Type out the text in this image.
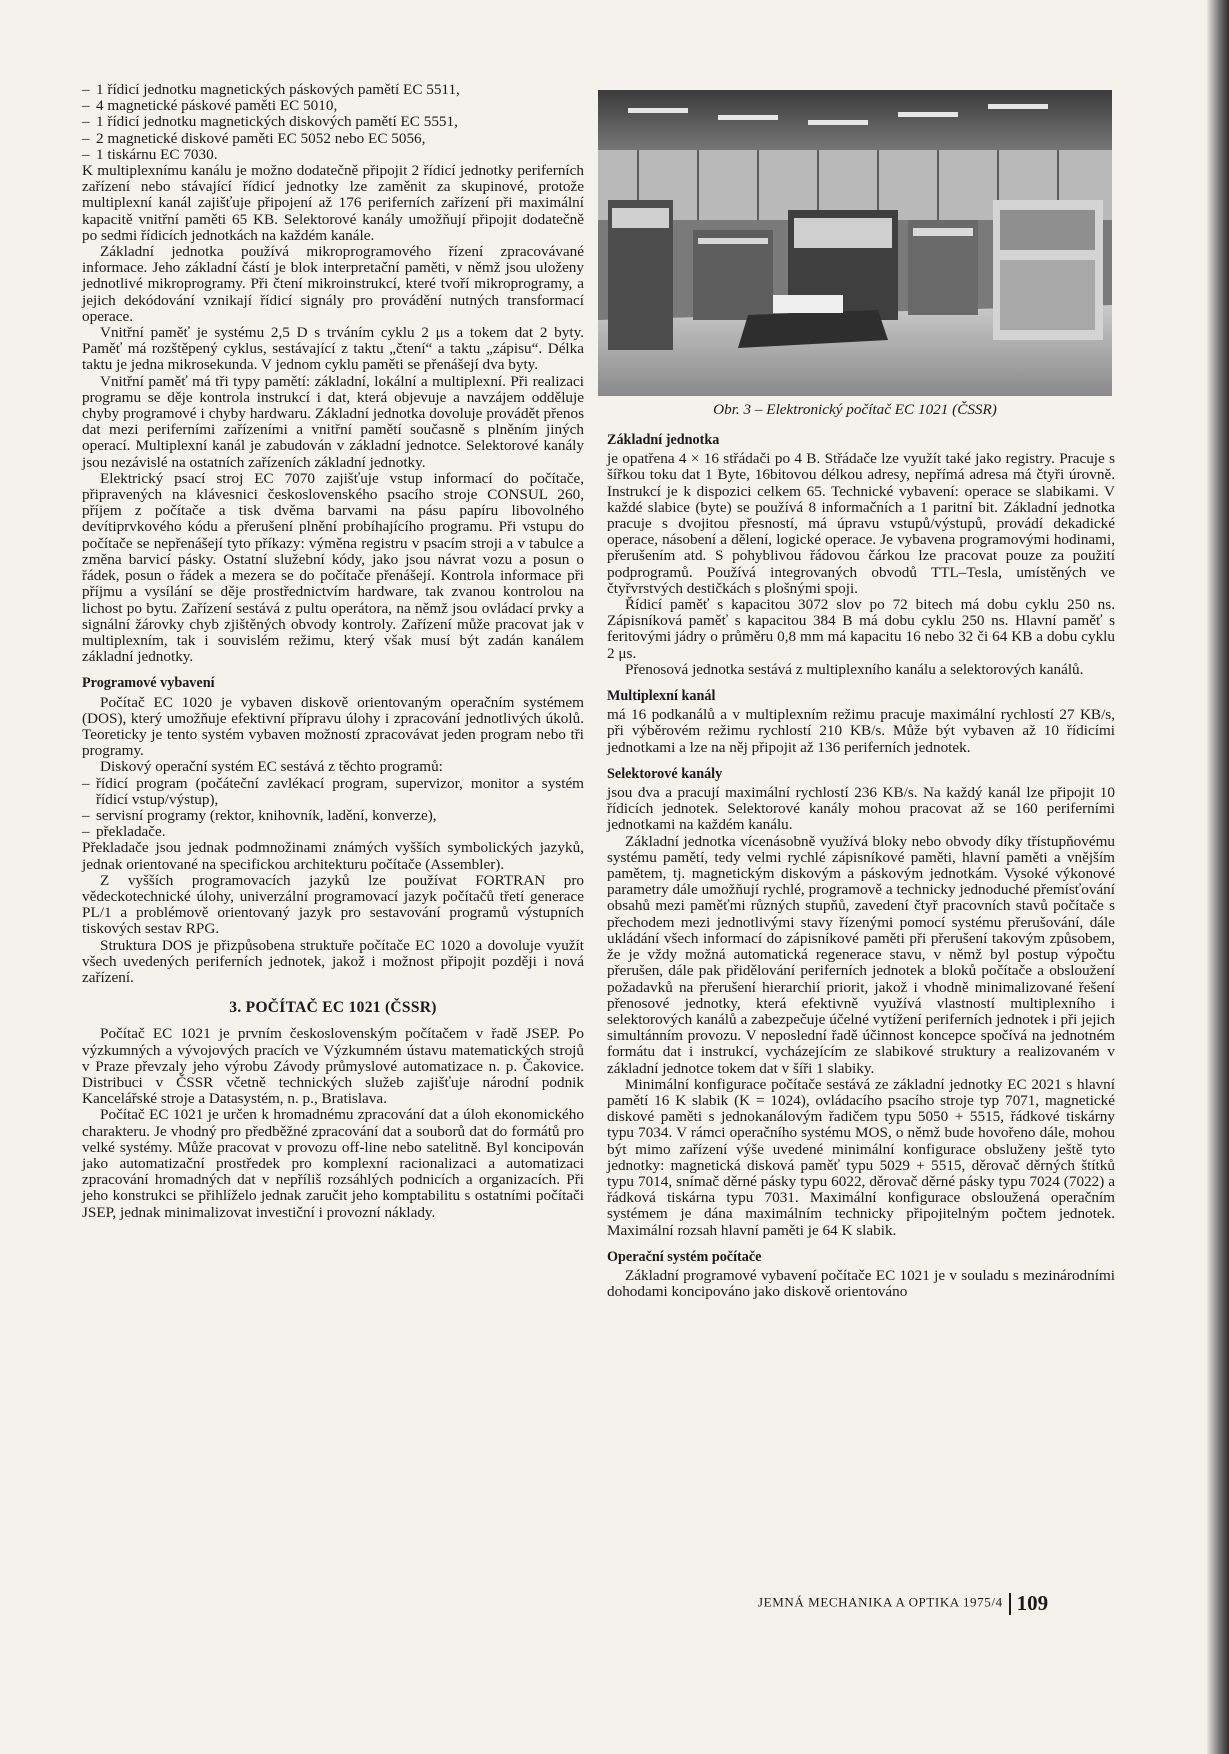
– 1 řídicí jednotku magnetických páskových pamětí EC 5511,
– 4 magnetické páskové paměti EC 5010,
– 1 řídicí jednotku magnetických diskových pamětí EC 5551,
– 2 magnetické diskové paměti EC 5052 nebo EC 5056,
– 1 tiskárnu EC 7030.

K multiplexnímu kanálu je možno dodatečně připojit 2 řídicí jednotky periferních zařízení nebo stávající řídicí jednotky lze zaměnit za skupinové, protože multiplexní kanál zajišťuje připojení až 176 periferních zařízení při maximální kapacitě vnitřní paměti 65 KB. Selektorové kanály umožňují připojit dodatečně po sedmi řídicích jednotkách na každém kanále.

Základní jednotka používá mikroprogramového řízení zpracovávané informace. Jeho základní částí je blok interpretační paměti, v němž jsou uloženy jednotlivé mikroprogramy. Při čtení mikroinstrukcí, které tvoří mikroprogramy, a jejich dekódování vznikají řídicí signály pro provádění nutných transformací operace.

Vnitřní paměť je systému 2,5 D s trváním cyklu 2 μs a tokem dat 2 byty. Paměť má rozštěpený cyklus, sestávající z taktu „čtení“ a taktu „zápisu“. Délka taktu je jedna mikrosekunda. V jednom cyklu paměti se přenášejí dva byty.

Vnitřní paměť má tři typy pamětí: základní, lokální a multiplexní. Při realizaci programu se děje kontrola instrukcí i dat, která objevuje a navzájem odděluje chyby programové i chyby hardwaru. Základní jednotka dovoluje provádět přenos dat mezi periferními zařízeními a vnitřní pamětí současně s plněním jiných operací. Multiplexní kanál je zabudován v základní jednotce. Selektorové kanály jsou nezávislé na ostatních zařízeních základní jednotky.

Elektrický psací stroj EC 7070 zajišťuje vstup informací do počítače, připravených na klávesnici československého psacího stroje CONSUL 260, příjem z počítače a tisk dvěma barvami na pásu papíru libovolného devítiprvkového kódu a přerušení plnění probíhajícího programu. Při vstupu do počítače se nepřenášejí tyto příkazy: výměna registru v psacím stroji a v tabulce a změna barvicí pásky. Ostatní služební kódy, jako jsou návrat vozu a posun o řádek, posun o řádek a mezera se do počítače přenášejí. Kontrola informace při příjmu a vysílání se děje prostřednictvím hardware, tak zvanou kontrolou na lichost po bytu. Zařízení sestává z pultu operátora, na němž jsou ovládací prvky a signální žárovky chyb zjištěných obvody kontroly. Zařízení může pracovat jak v multiplexním, tak i souvislém režimu, který však musí být zadán kanálem základní jednotky.

Programové vybavení

Počítač EC 1020 je vybaven diskově orientovaným operačním systémem (DOS), který umožňuje efektivní přípravu úlohy i zpracování jednotlivých úkolů. Teoreticky je tento systém vybaven možností zpracovávat jeden program nebo tři programy.

Diskový operační systém EC sestává z těchto programů:

– řídicí program (počáteční zavlékací program, supervizor, monitor a systém řídicí vstup/výstup),
– servisní programy (rektor, knihovník, ladění, konverze),
– překladače.

Překladače jsou jednak podmnožinami známých vyšších symbolických jazyků, jednak orientované na specifickou architekturu počítače (Assembler).

Z vyšších programovacích jazyků lze používat FORTRAN pro vědeckotechnické úlohy, univerzální programovací jazyk počítačů třetí generace PL/1 a problémově orientovaný jazyk pro sestavování programů výstupních tiskových sestav RPG.

Struktura DOS je přizpůsobena struktuře počítače EC 1020 a dovoluje využít všech uvedených periferních jednotek, jakož i možnost připojit později i nová zařízení.

3. POČÍTAČ EC 1021 (ČSSR)

Počítač EC 1021 je prvním československým počítačem v řadě JSEP. Po výzkumných a vývojových pracích ve Výzkumném ústavu matematických strojů v Praze převzaly jeho výrobu Závody průmyslové automatizace n. p. Čakovice. Distribuci v ČSSR včetně technických služeb zajišťuje národní podnik Kancelářské stroje a Datasystém, n. p., Bratislava.

Počítač EC 1021 je určen k hromadnému zpracování dat a úloh ekonomického charakteru. Je vhodný pro předběžné zpracování dat a souborů dat do formátů pro velké systémy. Může pracovat v provozu off-line nebo satelitně. Byl koncipován jako automatizační prostředek pro komplexní racionalizaci a automatizaci zpracování hromadných dat v nepříliš rozsáhlých podnicích a organizacích. Při jeho konstrukci se přihlíželo jednak zaručit jeho komptabilitu s ostatními počítači JSEP, jednak minimalizovat investiční i provozní náklady.

Obr. 3 – Elektronický počítač EC 1021 (ČSSR)
Základní jednotka

je opatřena 4 × 16 střádači po 4 B. Střádače lze využít také jako registry. Pracuje s šířkou toku dat 1 Byte, 16bitovou délkou adresy, nepřímá adresa má čtyři úrovně. Instrukcí je k dispozici celkem 65. Technické vybavení: operace se slabikami. V každé slabice (byte) se používá 8 informačních a 1 paritní bit. Základní jednotka pracuje s dvojitou přesností, má úpravu vstupů/výstupů, provádí dekadické operace, násobení a dělení, logické operace. Je vybavena programovými hodinami, přerušením atd. S pohyblivou řádovou čárkou lze pracovat pouze za použití podprogramů. Používá integrovaných obvodů TTL–Tesla, umístěných ve čtyřvrstvých destičkách s plošnými spoji.

Řídicí paměť s kapacitou 3072 slov po 72 bitech má dobu cyklu 250 ns. Zápisníková paměť s kapacitou 384 B má dobu cyklu 250 ns. Hlavní paměť s feritovými jádry o průměru 0,8 mm má kapacitu 16 nebo 32 či 64 KB a dobu cyklu 2 μs.

Přenosová jednotka sestává z multiplexního kanálu a selektorových kanálů.

Multiplexní kanál

má 16 podkanálů a v multiplexním režimu pracuje maximální rychlostí 27 KB/s, při výběrovém režimu rychlostí 210 KB/s. Může být vybaven až 10 řídicími jednotkami a lze na něj připojit až 136 periferních jednotek.

Selektorové kanály

jsou dva a pracují maximální rychlostí 236 KB/s. Na každý kanál lze připojit 10 řídicích jednotek. Selektorové kanály mohou pracovat až se 160 periferními jednotkami na každém kanálu.

Základní jednotka vícenásobně využívá bloky nebo obvody díky třístupňovému systému pamětí, tedy velmi rychlé zápisníkové paměti, hlavní paměti a vnějším pamětem, tj. magnetickým diskovým a páskovým jednotkám. Vysoké výkonové parametry dále umožňují rychlé, programově a technicky jednoduché přemísťování obsahů mezi paměťmi různých stupňů, zavedení čtyř pracovních stavů počítače s přechodem mezi jednotlivými stavy řízenými pomocí systému přerušování, dále ukládání všech informací do zápisníkové paměti při přerušení takovým způsobem, že je vždy možná automatická regenerace stavu, v němž byl postup výpočtu přerušen, dále pak přidělování periferních jednotek a bloků počítače a obsloužení požadavků na přerušení hierarchií priorit, jakož i vhodně minimalizované řešení přenosové jednotky, která efektivně využívá vlastností multiplexního i selektorových kanálů a zabezpečuje účelné vytížení periferních jednotek i při jejich simultánním provozu. V neposlední řadě účinnost koncepce spočívá na jednotném formátu dat i instrukcí, vycházejícím ze slabikové struktury a realizovaném v základní jednotce tokem dat v šíři 1 slabiky.

Minimální konfigurace počítače sestává ze základní jednotky EC 2021 s hlavní pamětí 16 K slabik (K = 1024), ovládacího psacího stroje typ 7071, magnetické diskové paměti s jednokanálovým řadičem typu 5050 + 5515, řádkové tiskárny typu 7034. V rámci operačního systému MOS, o němž bude hovořeno dále, mohou být mimo zařízení výše uvedené minimální konfigurace obsluženy ještě tyto jednotky: magnetická disková paměť typu 5029 + 5515, děrovač děrných štítků typu 7014, snímač děrné pásky typu 6022, děrovač děrné pásky typu 7024 (7022) a řádková tiskárna typu 7031. Maximální konfigurace obsloužená operačním systémem je dána maximálním technicky připojitelným počtem jednotek. Maximální rozsah hlavní paměti je 64 K slabik.

Operační systém počítače

Základní programové vybavení počítače EC 1021 je v souladu s mezinárodními dohodami koncipováno jako diskově orientováno

JEMNÁ MECHANIKA A OPTIKA 1975/4 109
